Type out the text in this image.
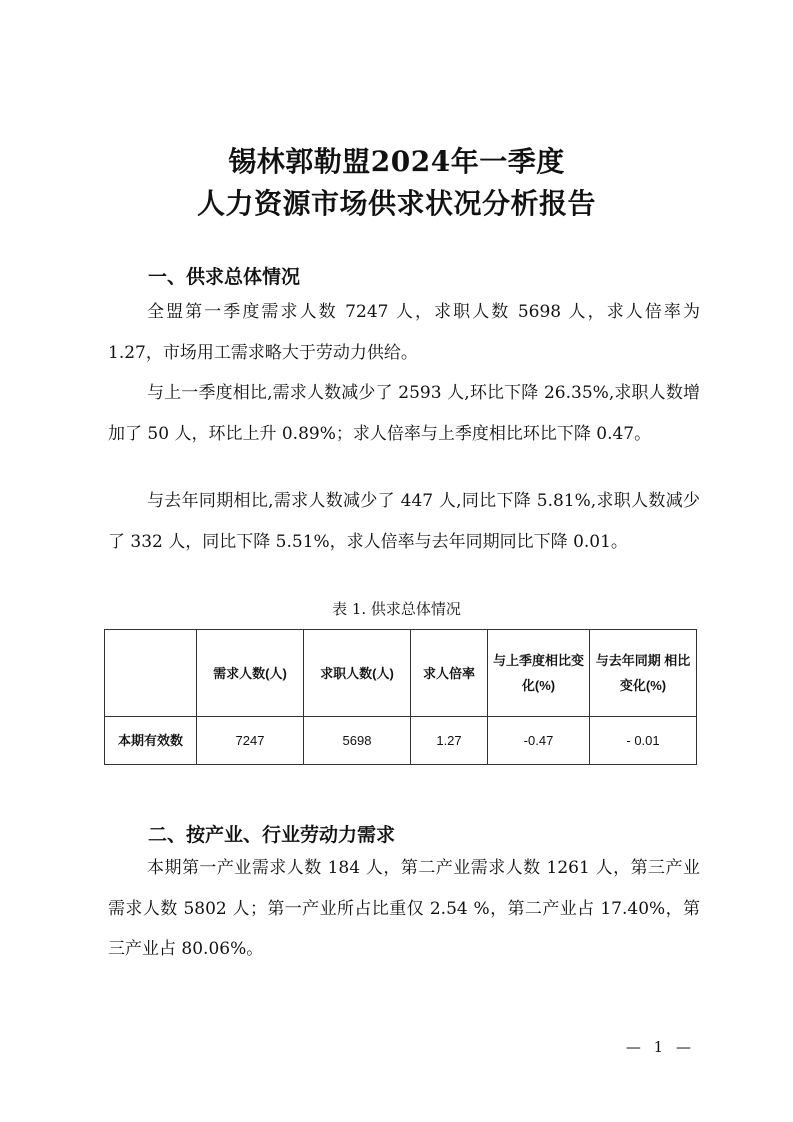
锡林郭勒盟2024年一季度
人力资源市场供求状况分析报告
一、供求总体情况

全盟第一季度需求人数 7247 人，求职人数 5698 人，求人倍率为 1.27，市场用工需求略大于劳动力供给。

与上一季度相比,需求人数减少了 2593 人,环比下降 26.35%,求职人数增加了 50 人，环比上升 0.89%；求人倍率与上季度相比环比下降 0.47。

与去年同期相比,需求人数减少了 447 人,同比下降 5.81%,求职人数减少了 332 人，同比下降 5.51%，求人倍率与去年同期同比下降 0.01。

表 1. 供求总体情况
	需求人数(人)	求职人数(人)	求人倍率	与上季度相比变化(%)	与去年同期 相比变化(%)
本期有效数	7247	5698	1.27	-0.47	- 0.01
二、按产业、行业劳动力需求

本期第一产业需求人数 184 人，第二产业需求人数 1261 人，第三产业需求人数 5802 人；第一产业所占比重仅 2.54 %，第二产业占 17.40%，第三产业占 80.06%。

— 1 —
